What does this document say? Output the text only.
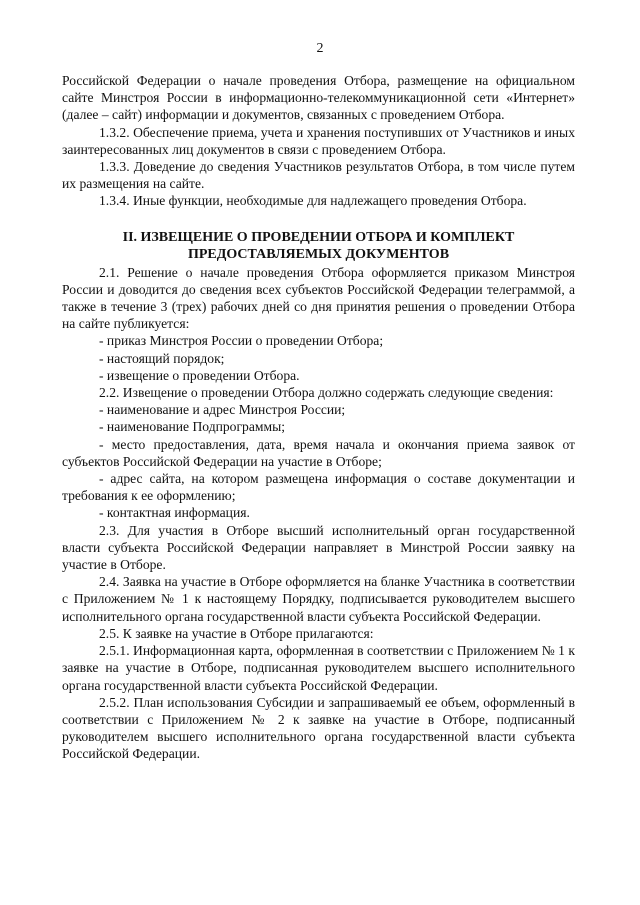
2

Российской Федерации о начале проведения Отбора, размещение на официальном сайте Минстроя России в информационно-телекоммуникационной сети «Интернет» (далее – сайт) информации и документов, связанных с проведением Отбора.

1.3.2. Обеспечение приема, учета и хранения поступивших от Участников и иных заинтересованных лиц документов в связи с проведением Отбора.

1.3.3. Доведение до сведения Участников результатов Отбора, в том числе путем их размещения на сайте.

1.3.4. Иные функции, необходимые для надлежащего проведения Отбора.

II. ИЗВЕЩЕНИЕ О ПРОВЕДЕНИИ ОТБОРА И КОМПЛЕКТ ПРЕДОСТАВЛЯЕМЫХ ДОКУМЕНТОВ

2.1. Решение о начале проведения Отбора оформляется приказом Минстроя России и доводится до сведения всех субъектов Российской Федерации телеграммой, а также в течение 3 (трех) рабочих дней со дня принятия решения о проведении Отбора на сайте публикуется:

- приказ Минстроя России о проведении Отбора;

- настоящий порядок;

- извещение о проведении Отбора.

2.2. Извещение о проведении Отбора должно содержать следующие сведения:

- наименование и адрес Минстроя России;

- наименование Подпрограммы;

- место предоставления, дата, время начала и окончания приема заявок от субъектов Российской Федерации на участие в Отборе;

- адрес сайта, на котором размещена информация о составе документации и требования к ее оформлению;

- контактная информация.

2.3. Для участия в Отборе высший исполнительный орган государственной власти субъекта Российской Федерации направляет в Минстрой России заявку на участие в Отборе.

2.4. Заявка на участие в Отборе оформляется на бланке Участника в соответствии с Приложением № 1 к настоящему Порядку, подписывается руководителем высшего исполнительного органа государственной власти субъекта Российской Федерации.

2.5. К заявке на участие в Отборе прилагаются:

2.5.1. Информационная карта, оформленная в соответствии с Приложением № 1 к заявке на участие в Отборе, подписанная руководителем высшего исполнительного органа государственной власти субъекта Российской Федерации.

2.5.2. План использования Субсидии и запрашиваемый ее объем, оформленный в соответствии с Приложением № 2 к заявке на участие в Отборе, подписанный руководителем высшего исполнительного органа государственной власти субъекта Российской Федерации.
